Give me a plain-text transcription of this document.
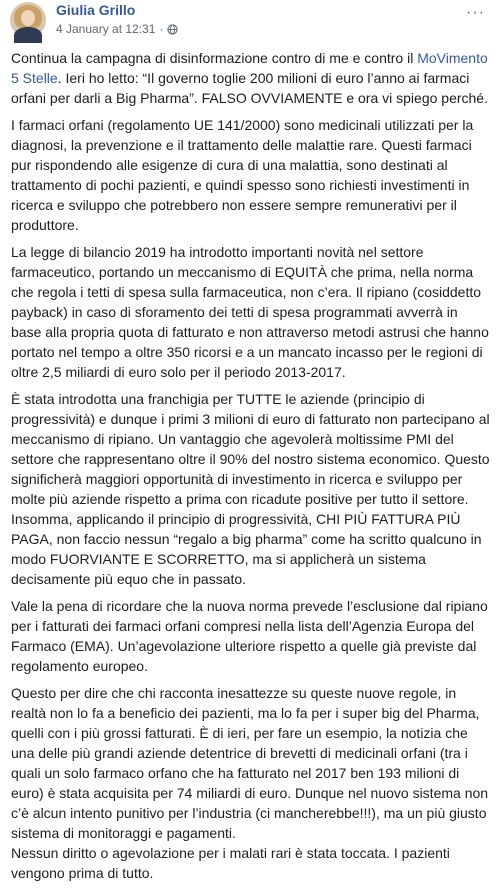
Giulia Grillo
4 January at 12:31 ·
···

Continua la campagna di disinformazione contro di me e contro il MoVimento 5 Stelle. Ieri ho letto: “Il governo toglie 200 milioni di euro l’anno ai farmaci orfani per darli a Big Pharma”. FALSO OVVIAMENTE e ora vi spiego perché.

I farmaci orfani (regolamento UE 141/2000) sono medicinali utilizzati per la diagnosi, la prevenzione e il trattamento delle malattie rare. Questi farmaci pur rispondendo alle esigenze di cura di una malattia, sono destinati al trattamento di pochi pazienti, e quindi spesso sono richiesti investimenti in ricerca e sviluppo che potrebbero non essere sempre remunerativi per il produttore.

La legge di bilancio 2019 ha introdotto importanti novità nel settore farmaceutico, portando un meccanismo di EQUITÀ che prima, nella norma che regola i tetti di spesa sulla farmaceutica, non c’era. Il ripiano (cosiddetto payback) in caso di sforamento dei tetti di spesa programmati avverrà in base alla propria quota di fatturato e non attraverso metodi astrusi che hanno portato nel tempo a oltre 350 ricorsi e a un mancato incasso per le regioni di oltre 2,5 miliardi di euro solo per il periodo 2013-2017.

È stata introdotta una franchigia per TUTTE le aziende (principio di progressività) e dunque i primi 3 milioni di euro di fatturato non partecipano al meccanismo di ripiano. Un vantaggio che agevolerà moltissime PMI del settore che rappresentano oltre il 90% del nostro sistema economico. Questo significherà maggiori opportunità di investimento in ricerca e sviluppo per molte più aziende rispetto a prima con ricadute positive per tutto il settore. Insomma, applicando il principio di progressività, CHI PIÙ FATTURA PIÙ PAGA, non faccio nessun “regalo a big pharma” come ha scritto qualcuno in modo FUORVIANTE E SCORRETTO, ma si applicherà un sistema decisamente più equo che in passato.

Vale la pena di ricordare che la nuova norma prevede l’esclusione dal ripiano per i fatturati dei farmaci orfani compresi nella lista dell’Agenzia Europa del Farmaco (EMA). Un’agevolazione ulteriore rispetto a quelle già previste dal regolamento europeo.

Questo per dire che chi racconta inesattezze su queste nuove regole, in realtà non lo fa a beneficio dei pazienti, ma lo fa per i super big del Pharma, quelli con i più grossi fatturati. È di ieri, per fare un esempio, la notizia che una delle più grandi aziende detentrice di brevetti di medicinali orfani (tra i quali un solo farmaco orfano che ha fatturato nel 2017 ben 193 milioni di euro) è stata acquisita per 74 miliardi di euro. Dunque nel nuovo sistema non c’è alcun intento punitivo per l’industria (ci mancherebbe!!!), ma un più giusto sistema di monitoraggi e pagamenti.
Nessun diritto o agevolazione per i malati rari è stata toccata. I pazienti vengono prima di tutto.
